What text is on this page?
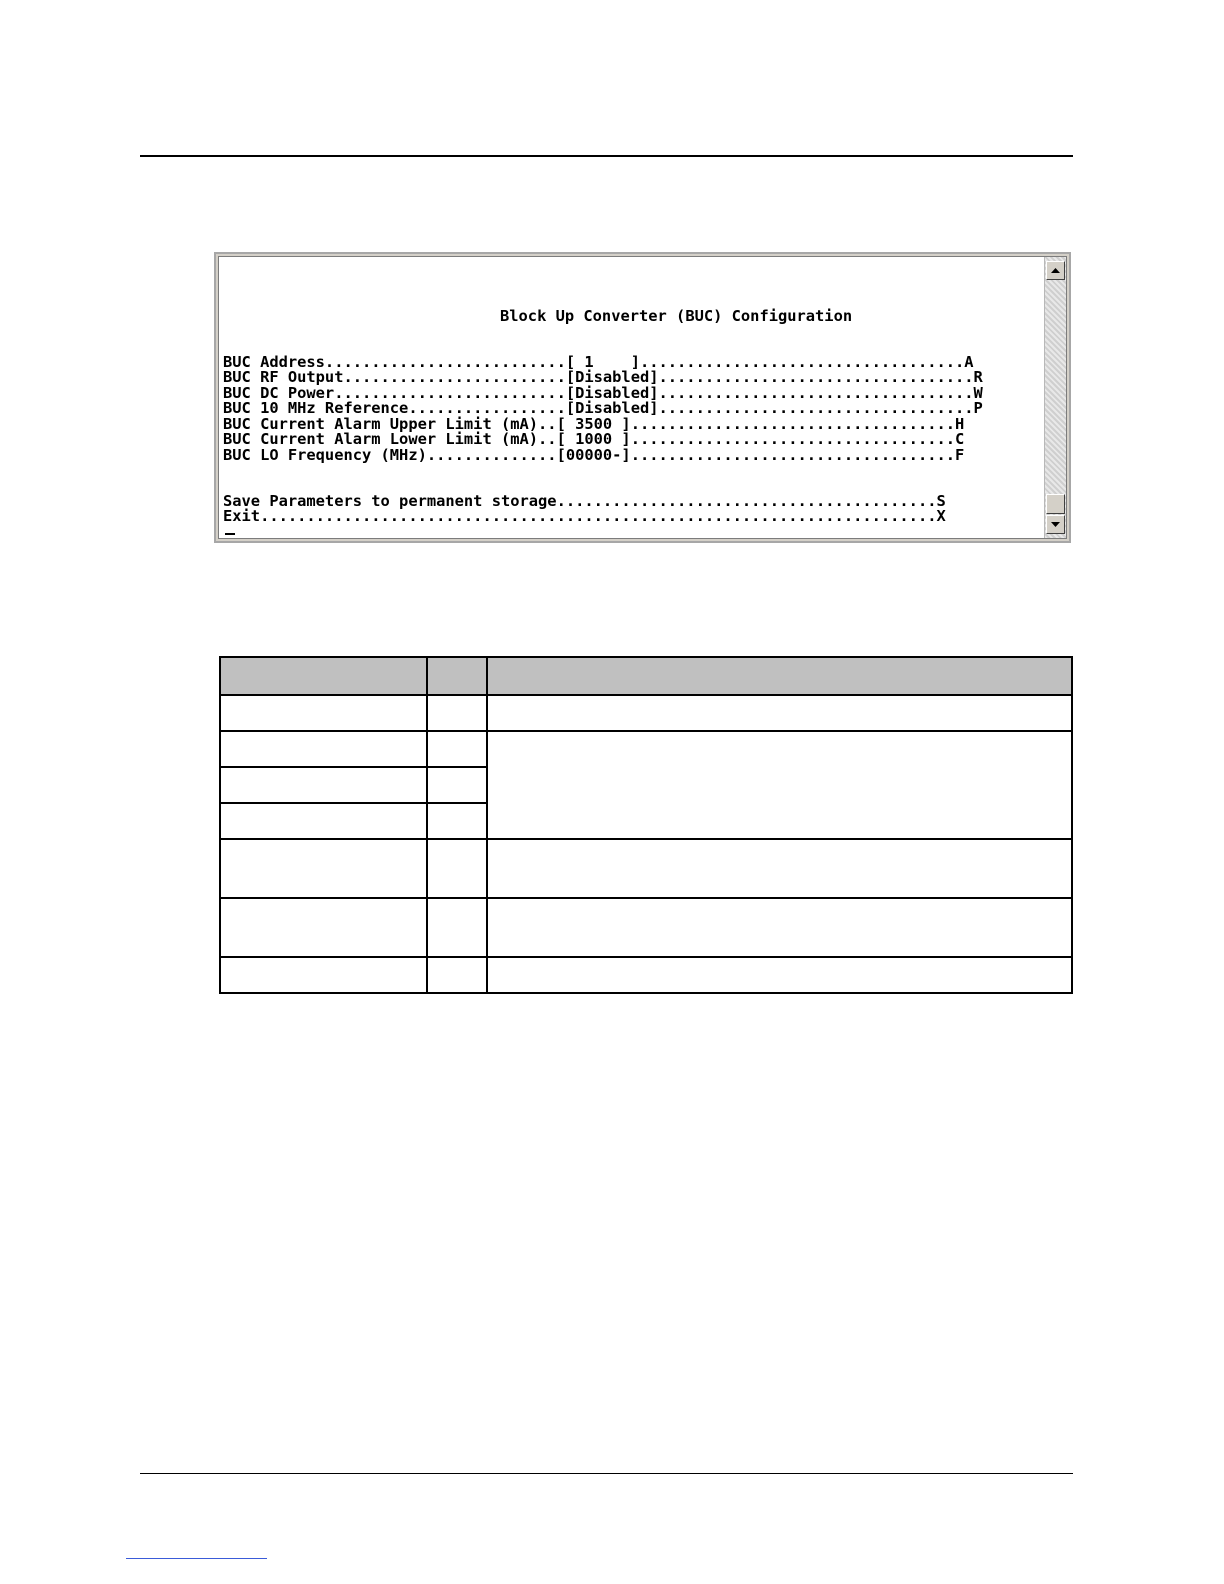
Block Up Converter (BUC) Configuration
BUC Address..........................[ 1    ]...................................A
BUC RF Output........................[Disabled]..................................R
BUC DC Power.........................[Disabled]..................................W
BUC 10 MHz Reference.................[Disabled]..................................P
BUC Current Alarm Upper Limit (mA)..[ 3500 ]...................................H
BUC Current Alarm Lower Limit (mA)..[ 1000 ]...................................C
BUC LO Frequency (MHz)..............[00000-]...................................F
Save Parameters to permanent storage.........................................S
Exit.........................................................................X
